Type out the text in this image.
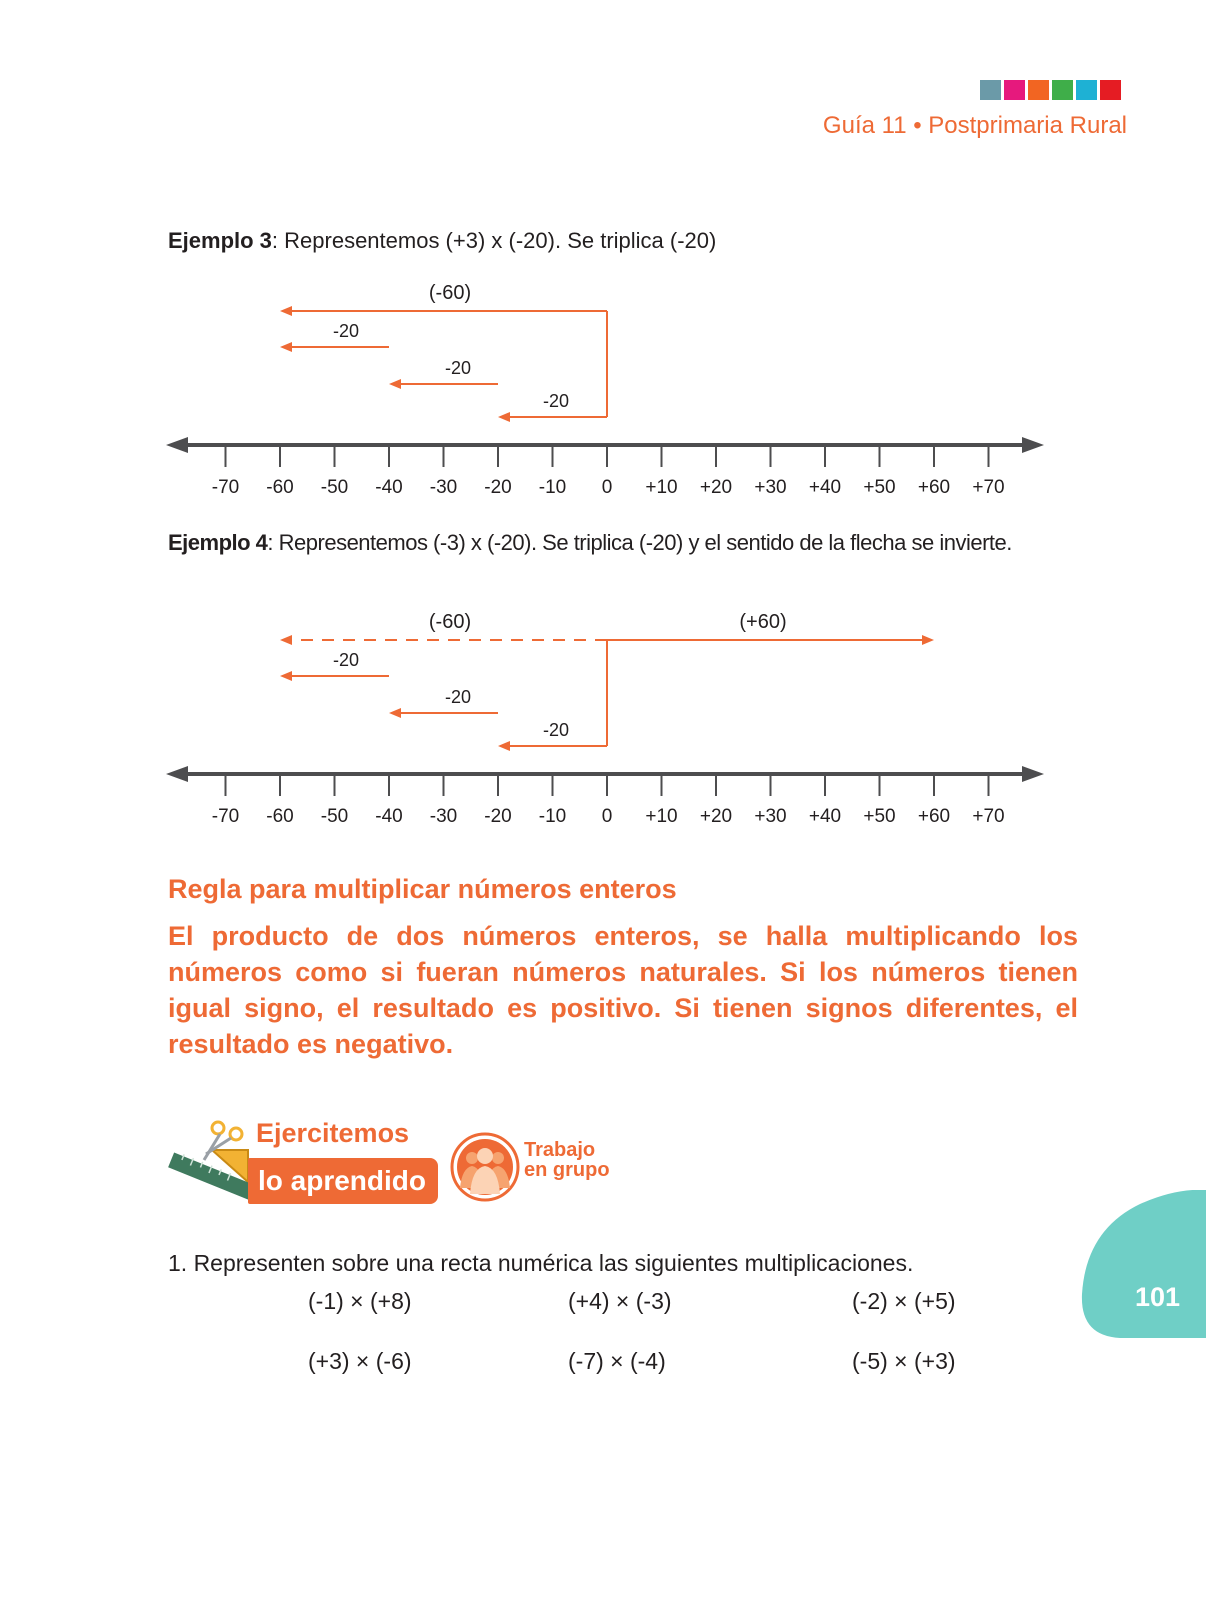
Guía 11 • Postprimaria Rural
Ejemplo 3: Representemos (+3) x (-20). Se triplica (-20)
(-60)
-20
-20
-20
-70 -60 -50 -40 -30 -20 -10 0 +10 +20 +30 +40 +50 +60 +70
Ejemplo 4: Representemos (-3) x (-20). Se triplica (-20) y el sentido de la flecha se invierte.
(-60)	(+60)
-20
-20
-20
-70 -60 -50 -40 -30 -20 -10 0 +10 +20 +30 +40 +50 +60 +70
Regla para multiplicar números enteros
El producto de dos números enteros, se halla multiplicando los números como si fueran números naturales. Si los números tienen igual signo, el resultado es positivo. Si tienen signos diferentes, el resultado es negativo.
Ejercitemos
lo aprendido
Trabajo
en grupo
1. Representen sobre una recta numérica las siguientes multiplicaciones.
(-1) × (+8)	(+4) × (-3)	(-2) × (+5)
(+3) × (-6)	(-7) × (-4)	(-5) × (+3)
101
